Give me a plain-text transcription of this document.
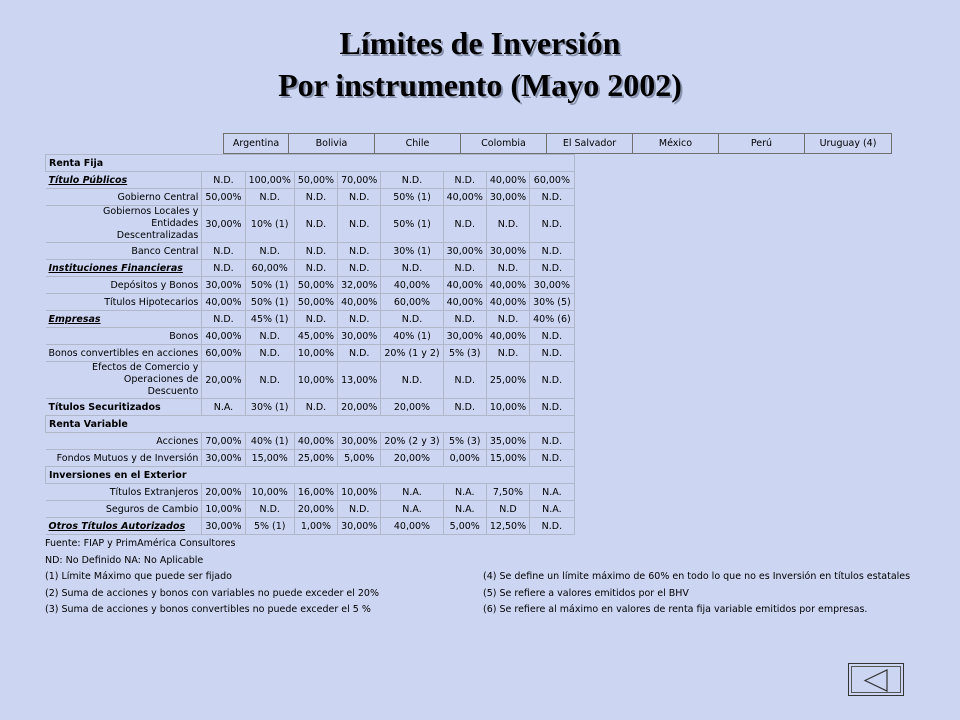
Límites de Inversión
Por instrumento (Mayo 2002)
Argentina	Bolivia	Chile	Colombia	El Salvador	México	Perú	Uruguay (4)
Renta Fija								
Título Públicos	N.D.	100,00%	50,00%	70,00%	N.D.	N.D.	40,00%	60,00%
Gobierno Central	50,00%	N.D.	N.D.	N.D.	50% (1)	40,00%	30,00%	N.D.
Gobiernos Locales y Entidades Descentralizadas	30,00%	10% (1)	N.D.	N.D.	50% (1)	N.D.	N.D.	N.D.
Banco Central	N.D.	N.D.	N.D.	N.D.	30% (1)	30,00%	30,00%	N.D.
Instituciones Financieras	N.D.	60,00%	N.D.	N.D.	N.D.	N.D.	N.D.	N.D.
Depósitos y Bonos	30,00%	50% (1)	50,00%	32,00%	40,00%	40,00%	40,00%	30,00%
Títulos Hipotecarios	40,00%	50% (1)	50,00%	40,00%	60,00%	40,00%	40,00%	30% (5)
Empresas	N.D.	45% (1)	N.D.	N.D.	N.D.	N.D.	N.D.	40% (6)
Bonos	40,00%	N.D.	45,00%	30,00%	40% (1)	30,00%	40,00%	N.D.
Bonos convertibles en acciones	60,00%	N.D.	10,00%	N.D.	20% (1 y 2)	5% (3)	N.D.	N.D.
Efectos de Comercio y Operaciones de Descuento	20,00%	N.D.	10,00%	13,00%	N.D.	N.D.	25,00%	N.D.
Títulos Securitizados	N.A.	30% (1)	N.D.	20,00%	20,00%	N.D.	10,00%	N.D.
Renta Variable								
Acciones	70,00%	40% (1)	40,00%	30,00%	20% (2 y 3)	5% (3)	35,00%	N.D.
Fondos Mutuos y de Inversión	30,00%	15,00%	25,00%	5,00%	20,00%	0,00%	15,00%	N.D.
Inversiones en el Exterior								
Títulos Extranjeros	20,00%	10,00%	16,00%	10,00%	N.A.	N.A.	7,50%	N.A.
Seguros de Cambio	10,00%	N.D.	20,00%	N.D.	N.A.	N.A.	N.D	N.A.
Otros Títulos Autorizados	30,00%	5% (1)	1,00%	30,00%	40,00%	5,00%	12,50%	N.D.
Fuente: FIAP y PrimAmérica Consultores
ND: No Definido NA: No Aplicable
(1) Límite Máximo que puede ser fijado
(2) Suma de acciones y bonos con variables no puede exceder el 20%
(3) Suma de acciones y bonos convertibles no puede exceder el 5 %
(4) Se define un límite máximo de 60% en todo lo que no es Inversión en títulos estatales
(5) Se refiere a valores emitidos por el BHV
(6) Se refiere al máximo en valores de renta fija variable emitidos por empresas.
